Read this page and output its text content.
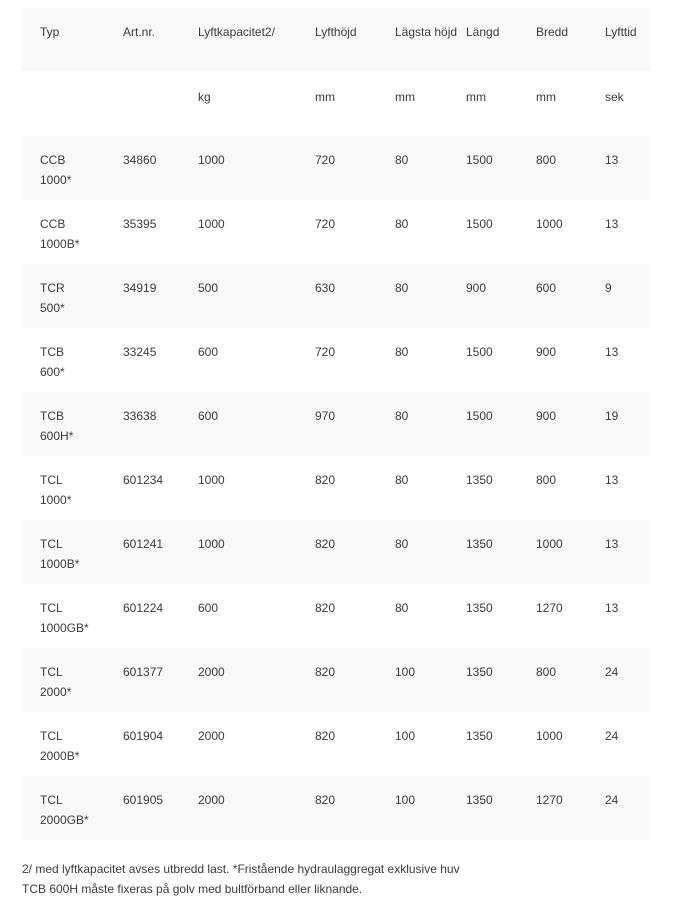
Typ	Art.nr.	Lyftkapacitet2/	Lyfthöjd	Lägsta höjd	Längd	Bredd	Lyfttid
		kg	mm	mm	mm	mm	sek

CCB
1000*	34860	1000	720	80	1500	800	13

CCB
1000B*	35395	1000	720	80	1500	1000	13

TCR
500*	34919	500	630	80	900	600	9

TCB
600*	33245	600	720	80	1500	900	13

TCB
600H*	33638	600	970	80	1500	900	19

TCL
1000*	601234	1000	820	80	1350	800	13

TCL
1000B*	601241	1000	820	80	1350	1000	13

TCL
1000GB*	601224	600	820	80	1350	1270	13

TCL
2000*	601377	2000	820	100	1350	800	24

TCL
2000B*	601904	2000	820	100	1350	1000	24

TCL
2000GB*	601905	2000	820	100	1350	1270	24
2/ med lyftkapacitet avses utbredd last. *Fristående hydraulaggregat exklusive huv
TCB 600H måste fixeras på golv med bultförband eller liknande.
